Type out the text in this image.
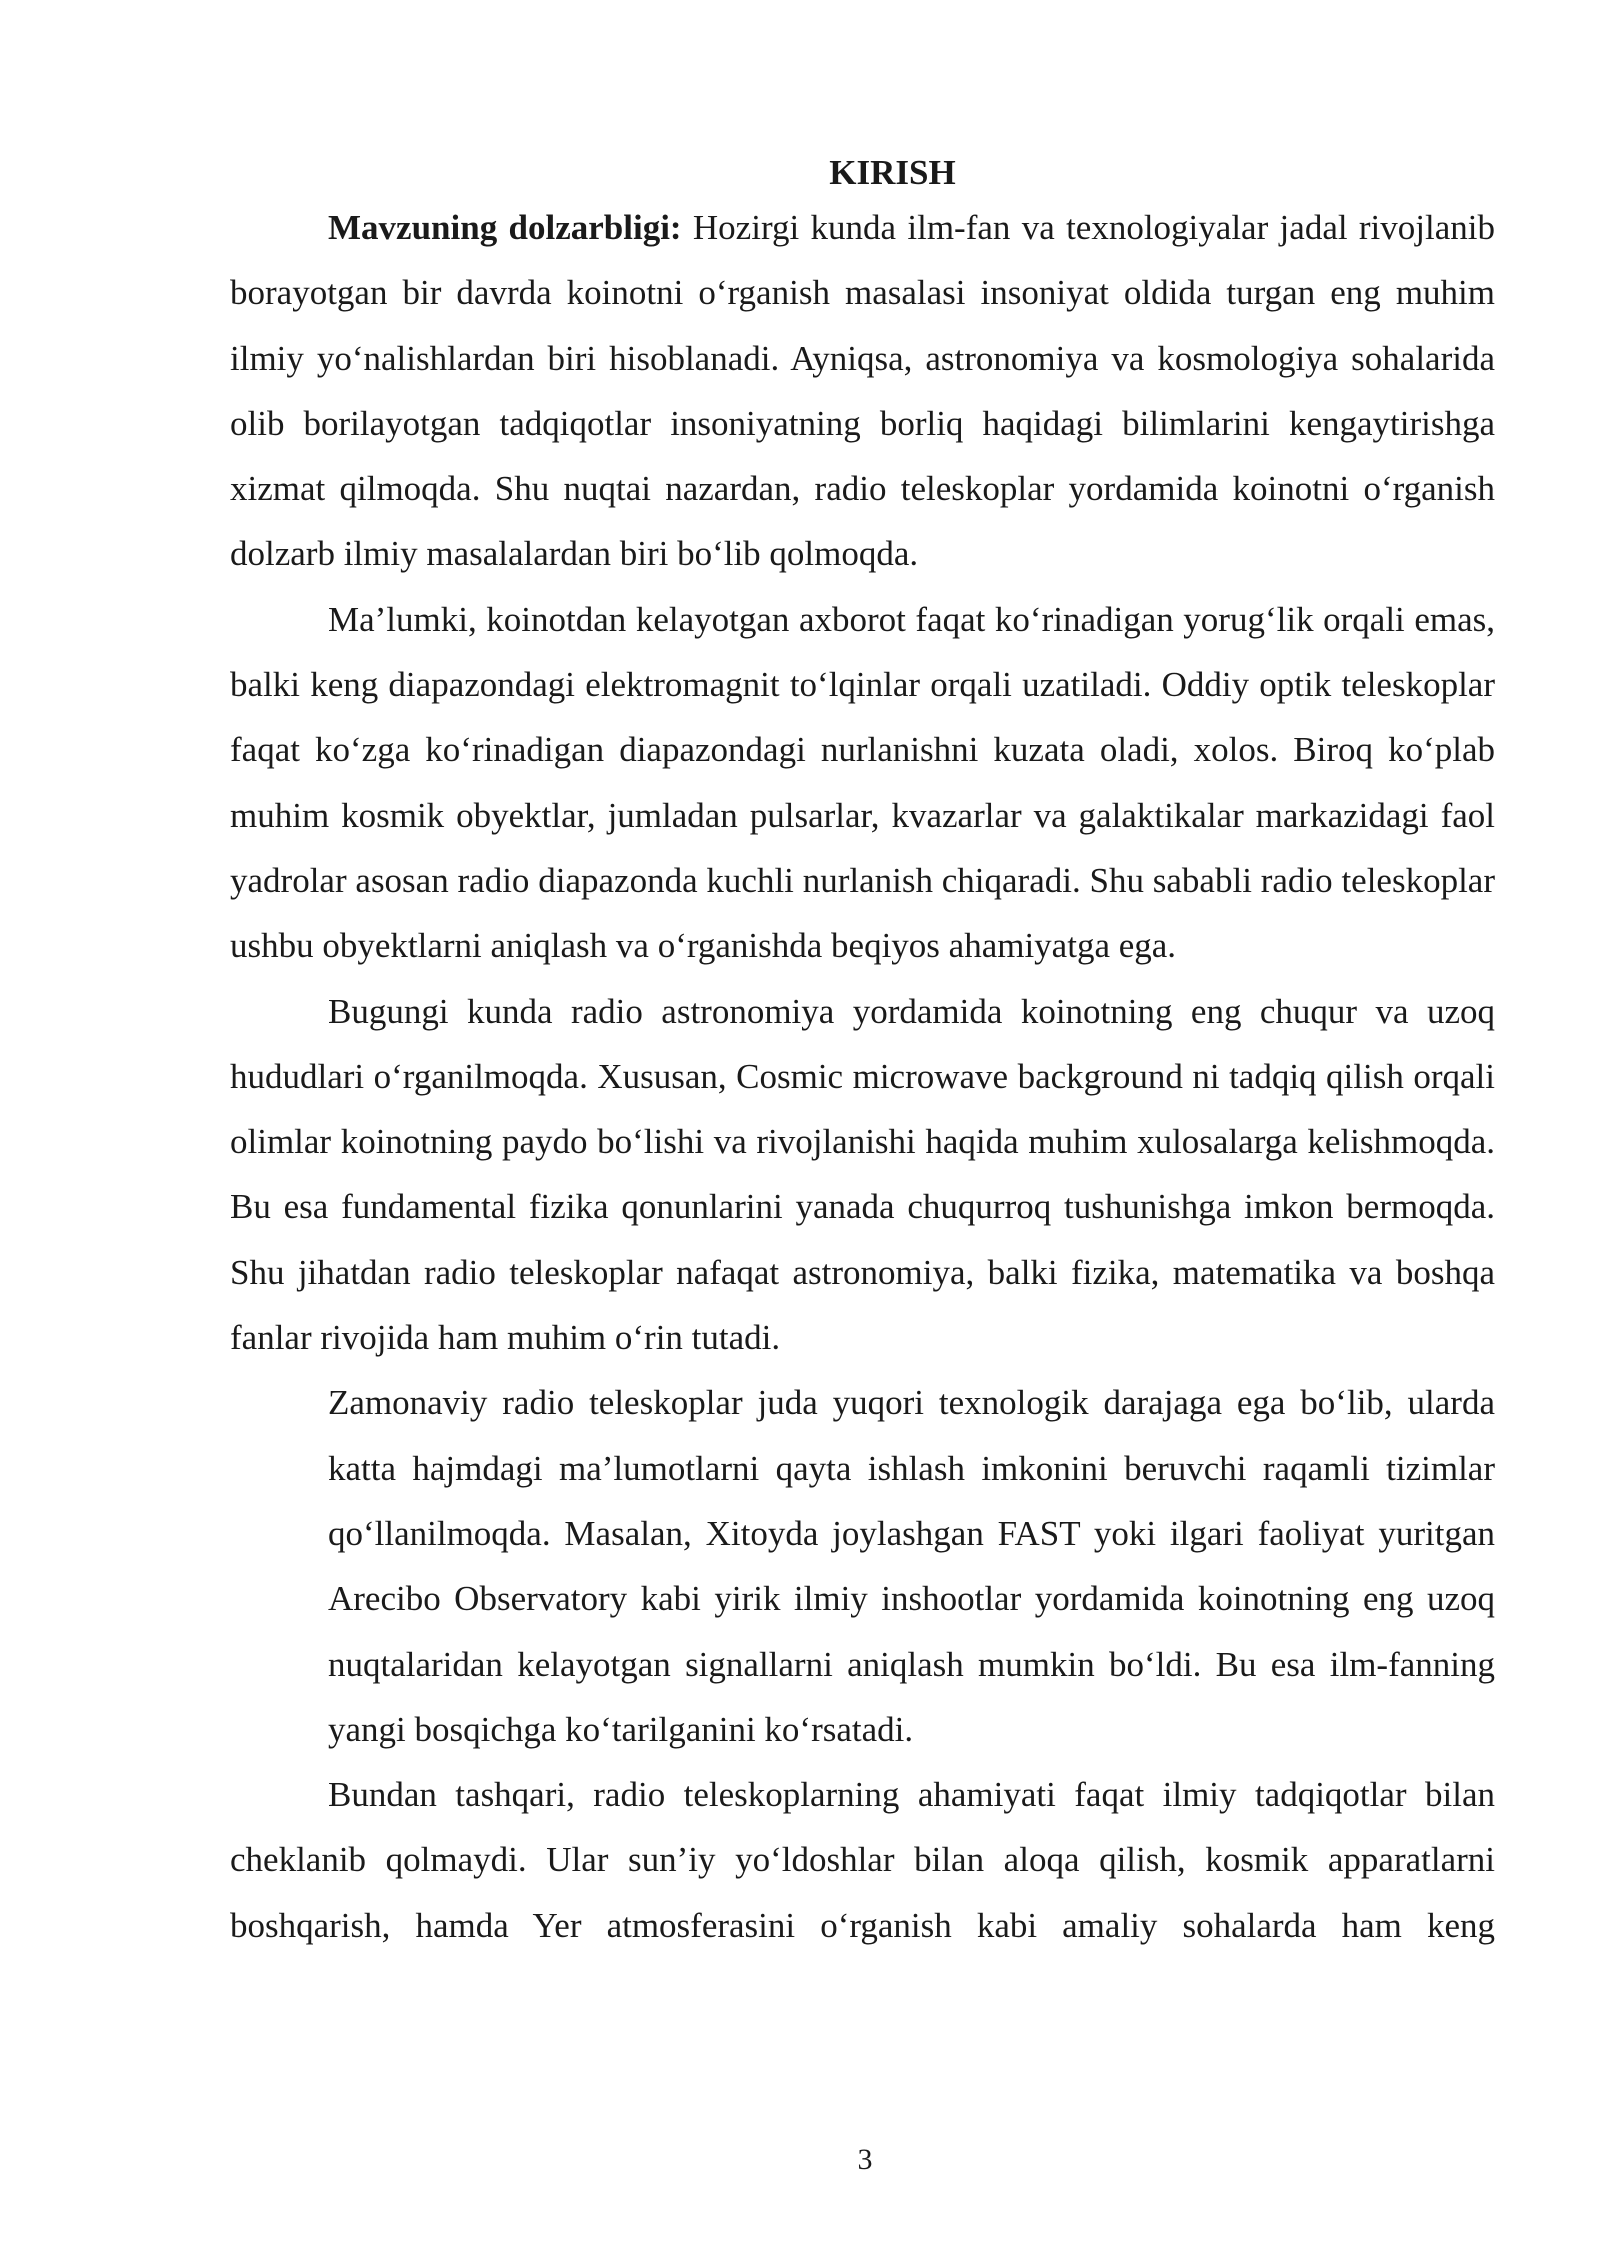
KIRISH

Mavzuning dolzarbligi: Hozirgi kunda ilm-fan va texnologiyalar jadal rivojlanib borayotgan bir davrda koinotni o‘rganish masalasi insoniyat oldida turgan eng muhim ilmiy yo‘nalishlardan biri hisoblanadi. Ayniqsa, astronomiya va kosmologiya sohalarida olib borilayotgan tadqiqotlar insoniyatning borliq haqidagi bilimlarini kengaytirishga xizmat qilmoqda. Shu nuqtai nazardan, radio teleskoplar yordamida koinotni o‘rganish dolzarb ilmiy masalalardan biri bo‘lib qolmoqda.

Ma’lumki, koinotdan kelayotgan axborot faqat ko‘rinadigan yorug‘lik orqali emas, balki keng diapazondagi elektromagnit to‘lqinlar orqali uzatiladi. Oddiy optik teleskoplar faqat ko‘zga ko‘rinadigan diapazondagi nurlanishni kuzata oladi, xolos. Biroq ko‘plab muhim kosmik obyektlar, jumladan pulsarlar, kvazarlar va galaktikalar markazidagi faol yadrolar asosan radio diapazonda kuchli nurlanish chiqaradi. Shu sababli radio teleskoplar ushbu obyektlarni aniqlash va o‘rganishda beqiyos ahamiyatga ega.

Bugungi kunda radio astronomiya yordamida koinotning eng chuqur va uzoq hududlari o‘rganilmoqda. Xususan, Cosmic microwave background ni tadqiq qilish orqali olimlar koinotning paydo bo‘lishi va rivojlanishi haqida muhim xulosalarga kelishmoqda. Bu esa fundamental fizika qonunlarini yanada chuqurroq tushunishga imkon bermoqda. Shu jihatdan radio teleskoplar nafaqat astronomiya, balki fizika, matematika va boshqa fanlar rivojida ham muhim o‘rin tutadi.

Zamonaviy radio teleskoplar juda yuqori texnologik darajaga ega bo‘lib, ularda katta hajmdagi ma’lumotlarni qayta ishlash imkonini beruvchi raqamli tizimlar qo‘llanilmoqda. Masalan, Xitoyda joylashgan FAST yoki ilgari faoliyat yuritgan Arecibo Observatory kabi yirik ilmiy inshootlar yordamida koinotning eng uzoq nuqtalaridan kelayotgan signallarni aniqlash mumkin bo‘ldi. Bu esa ilm-fanning yangi bosqichga ko‘tarilganini ko‘rsatadi.

Bundan tashqari, radio teleskoplarning ahamiyati faqat ilmiy tadqiqotlar bilan cheklanib qolmaydi. Ular sun’iy yo‘ldoshlar bilan aloqa qilish, kosmik apparatlarni boshqarish, hamda Yer atmosferasini o‘rganish kabi amaliy sohalarda ham keng

3
